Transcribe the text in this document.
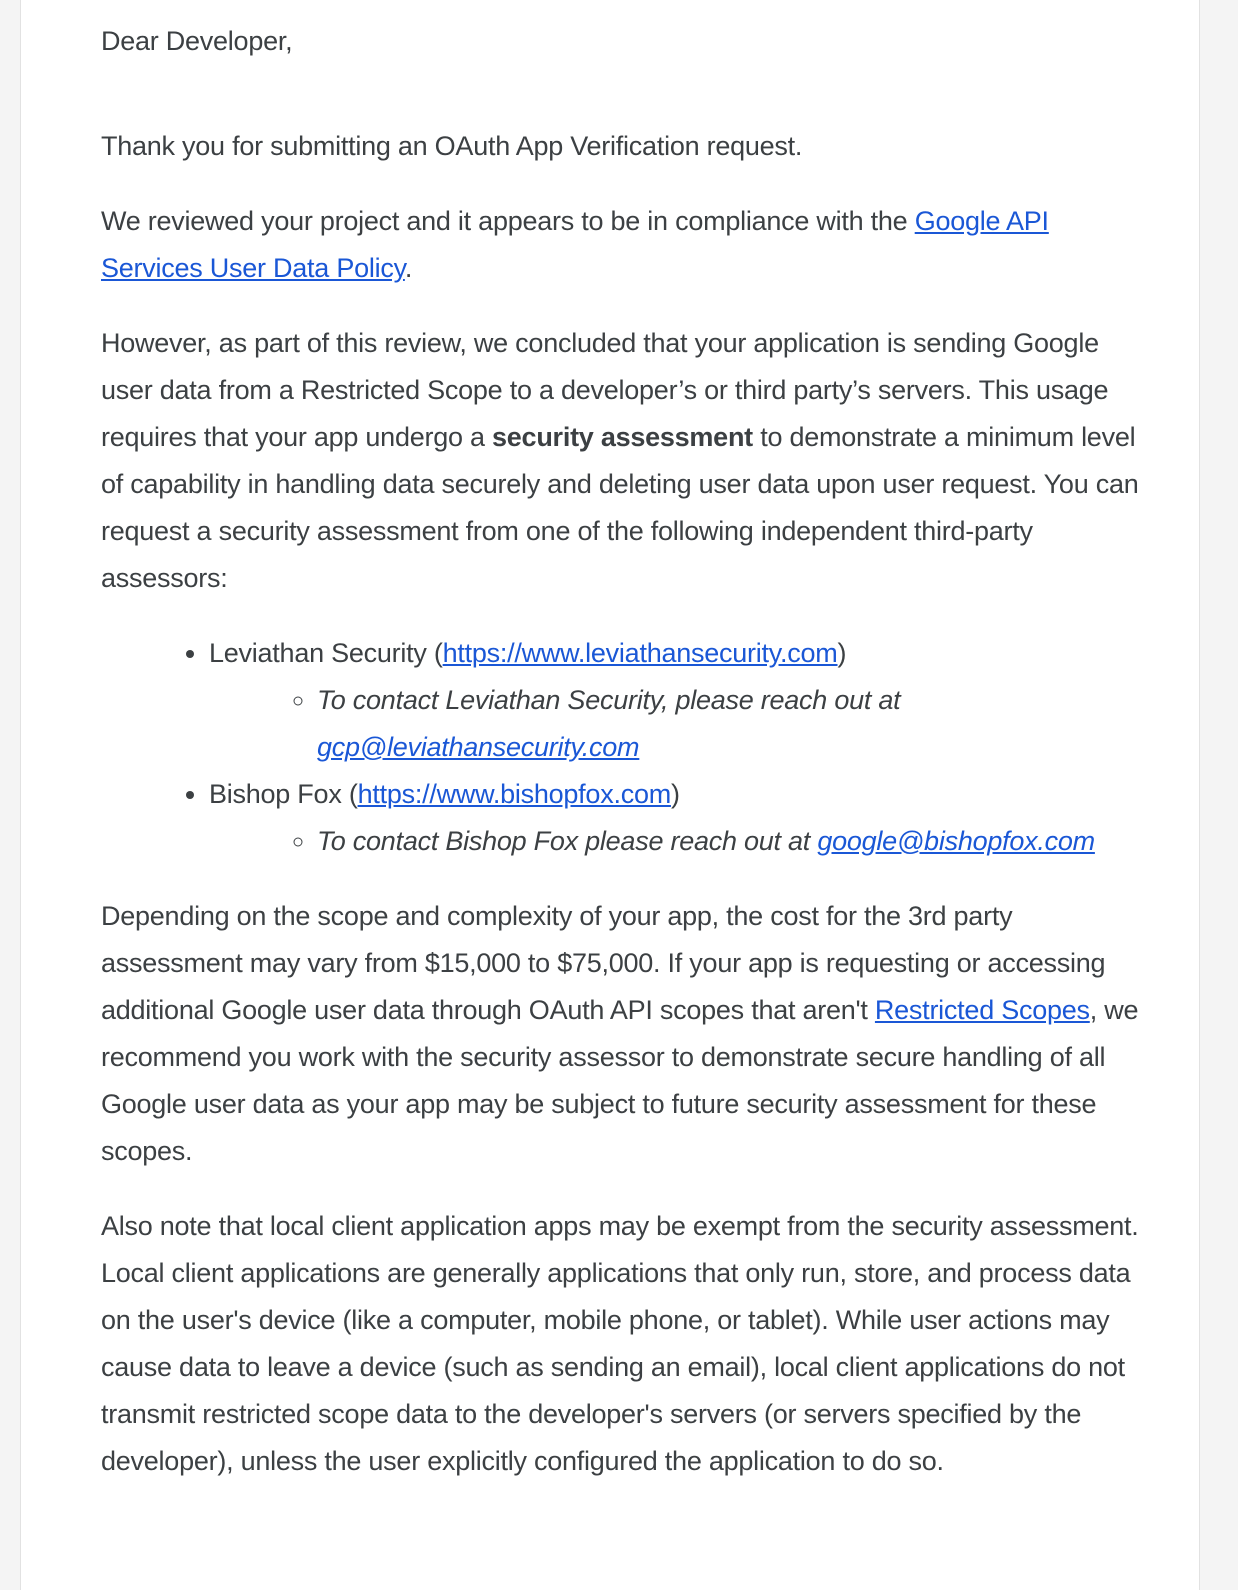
Dear Developer,

Thank you for submitting an OAuth App Verification request.

We reviewed your project and it appears to be in compliance with the Google API Services User Data Policy.

However, as part of this review, we concluded that your application is sending Google user data from a Restricted Scope to a developer’s or third party’s servers. This usage requires that your app undergo a security assessment to demonstrate a minimum level of capability in handling data securely and deleting user data upon user request. You can request a security assessment from one of the following independent third-party assessors:

• Leviathan Security (https://www.leviathansecurity.com)
◦ To contact Leviathan Security, please reach out at gcp@leviathansecurity.com
• Bishop Fox (https://www.bishopfox.com)
◦ To contact Bishop Fox please reach out at google@bishopfox.com

Depending on the scope and complexity of your app, the cost for the 3rd party assessment may vary from $15,000 to $75,000. If your app is requesting or accessing additional Google user data through OAuth API scopes that aren't Restricted Scopes, we recommend you work with the security assessor to demonstrate secure handling of all Google user data as your app may be subject to future security assessment for these scopes.

Also note that local client application apps may be exempt from the security assessment. Local client applications are generally applications that only run, store, and process data on the user's device (like a computer, mobile phone, or tablet). While user actions may cause data to leave a device (such as sending an email), local client applications do not transmit restricted scope data to the developer's servers (or servers specified by the developer), unless the user explicitly configured the application to do so.
